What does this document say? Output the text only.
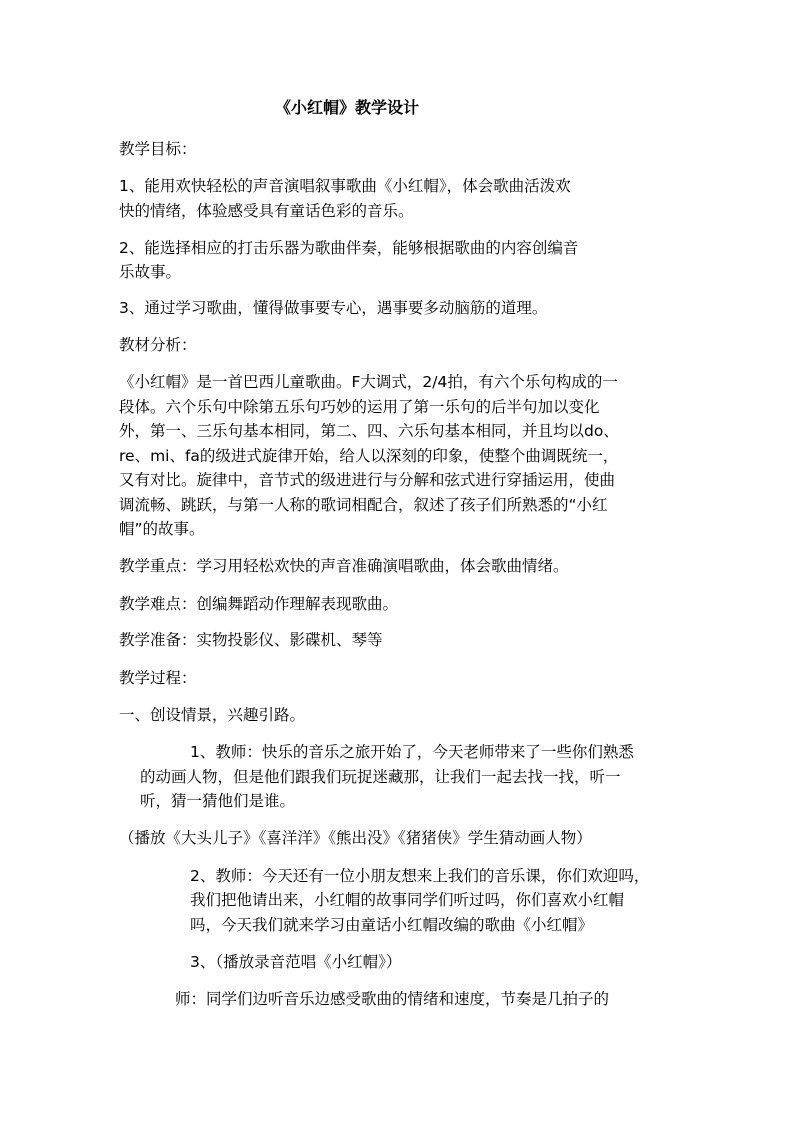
《小红帽》教学设计
教学目标：
1、能用欢快轻松的声音演唱叙事歌曲《小红帽》，体会歌曲活泼欢
快的情绪，体验感受具有童话色彩的音乐。
2、能选择相应的打击乐器为歌曲伴奏，能够根据歌曲的内容创编音
乐故事。
3、通过学习歌曲，懂得做事要专心，遇事要多动脑筋的道理。
教材分析：
《小红帽》是一首巴西儿童歌曲。F大调式，2/4拍，有六个乐句构成的一
段体。六个乐句中除第五乐句巧妙的运用了第一乐句的后半句加以变化
外，第一、三乐句基本相同，第二、四、六乐句基本相同，并且均以do、
re、mi、fa的级进式旋律开始，给人以深刻的印象，使整个曲调既统一，
又有对比。旋律中，音节式的级进进行与分解和弦式进行穿插运用，使曲
调流畅、跳跃，与第一人称的歌词相配合，叙述了孩子们所熟悉的“小红
帽”的故事。
教学重点：学习用轻松欢快的声音准确演唱歌曲，体会歌曲情绪。
教学难点：创编舞蹈动作理解表现歌曲。
教学准备：实物投影仪、影碟机、琴等
教学过程：
一、创设情景，兴趣引路。
1、教师：快乐的音乐之旅开始了，今天老师带来了一些你们熟悉
的动画人物，但是他们跟我们玩捉迷藏那，让我们一起去找一找，听一
听，猜一猜他们是谁。
（播放《大头儿子》《喜洋洋》《熊出没》《猪猪侠》学生猜动画人物）
2、教师：今天还有一位小朋友想来上我们的音乐课，你们欢迎吗，
我们把他请出来，小红帽的故事同学们听过吗，你们喜欢小红帽
吗，今天我们就来学习由童话小红帽改编的歌曲《小红帽》
3、（播放录音范唱《小红帽》）
师：同学们边听音乐边感受歌曲的情绪和速度，节奏是几拍子的
